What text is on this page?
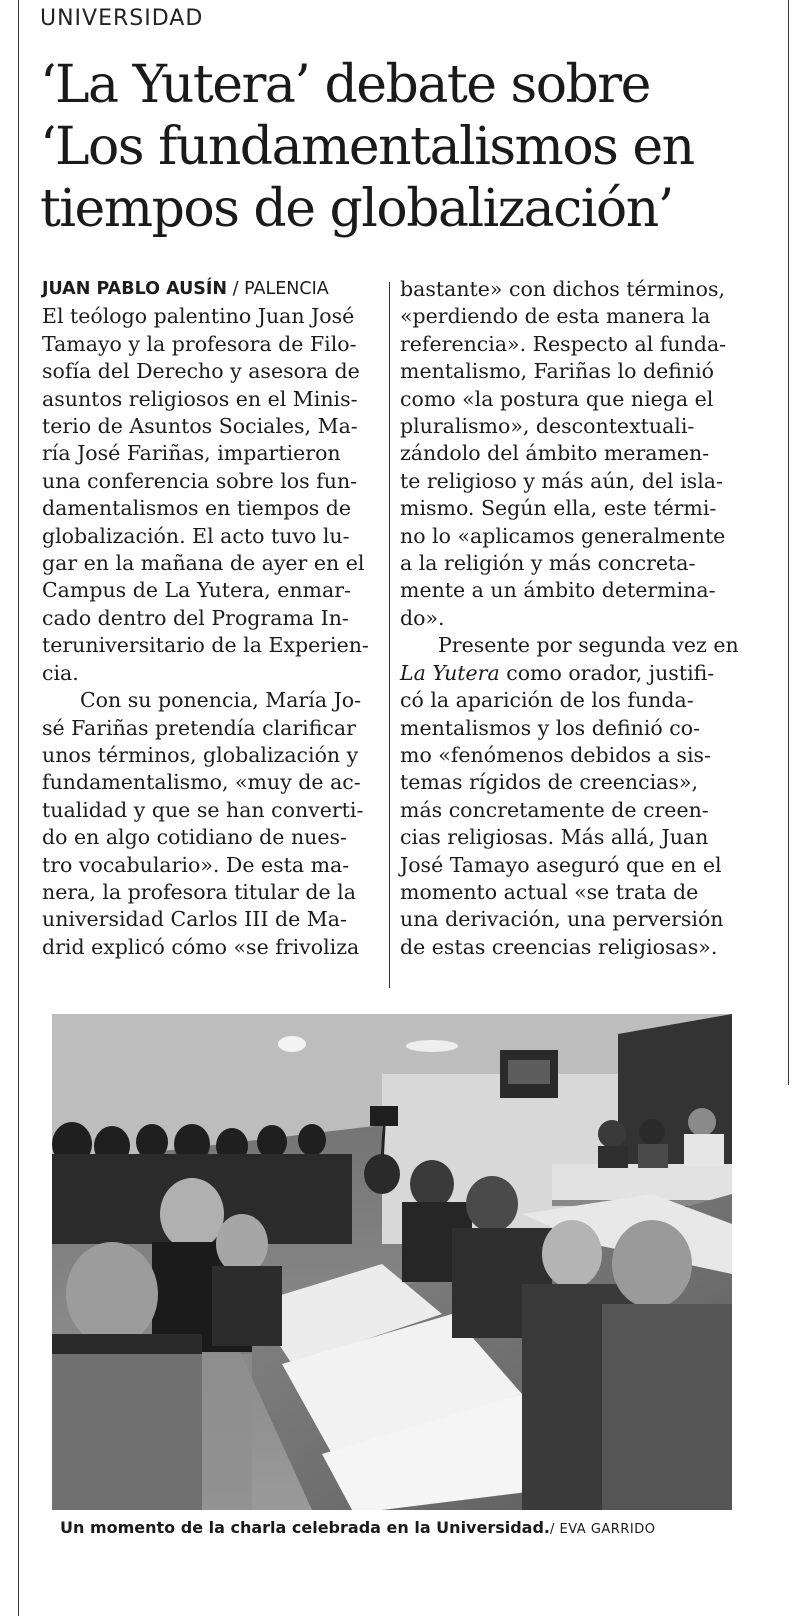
UNIVERSIDAD
‘La Yutera’ debate sobre
‘Los fundamentalismos en
tiempos de globalización’
JUAN PABLO AUSÍN / PALENCIA
El teólogo palentino Juan José
Tamayo y la profesora de Filo-
sofía del Derecho y asesora de
asuntos religiosos en el Minis-
terio de Asuntos Sociales, Ma-
ría José Fariñas, impartieron
una conferencia sobre los fun-
damentalismos en tiempos de
globalización. El acto tuvo lu-
gar en la mañana de ayer en el
Campus de La Yutera, enmar-
cado dentro del Programa In-
teruniversitario de la Experien-
cia.
Con su ponencia, María Jo-
sé Fariñas pretendía clarificar
unos términos, globalización y
fundamentalismo, «muy de ac-
tualidad y que se han converti-
do en algo cotidiano de nues-
tro vocabulario». De esta ma-
nera, la profesora titular de la
universidad Carlos III de Ma-
drid explicó cómo «se frivoliza
bastante» con dichos términos,
«perdiendo de esta manera la
referencia». Respecto al funda-
mentalismo, Fariñas lo definió
como «la postura que niega el
pluralismo», descontextuali-
zándolo del ámbito meramen-
te religioso y más aún, del isla-
mismo. Según ella, este térmi-
no lo «aplicamos generalmente
a la religión y más concreta-
mente a un ámbito determina-
do».
Presente por segunda vez en
La Yutera como orador, justifi-
có la aparición de los funda-
mentalismos y los definió co-
mo «fenómenos debidos a sis-
temas rígidos de creencias»,
más concretamente de creen-
cias religiosas. Más allá, Juan
José Tamayo aseguró que en el
momento actual «se trata de
una derivación, una perversión
de estas creencias religiosas».
Un momento de la charla celebrada en la Universidad./ EVA GARRIDO
